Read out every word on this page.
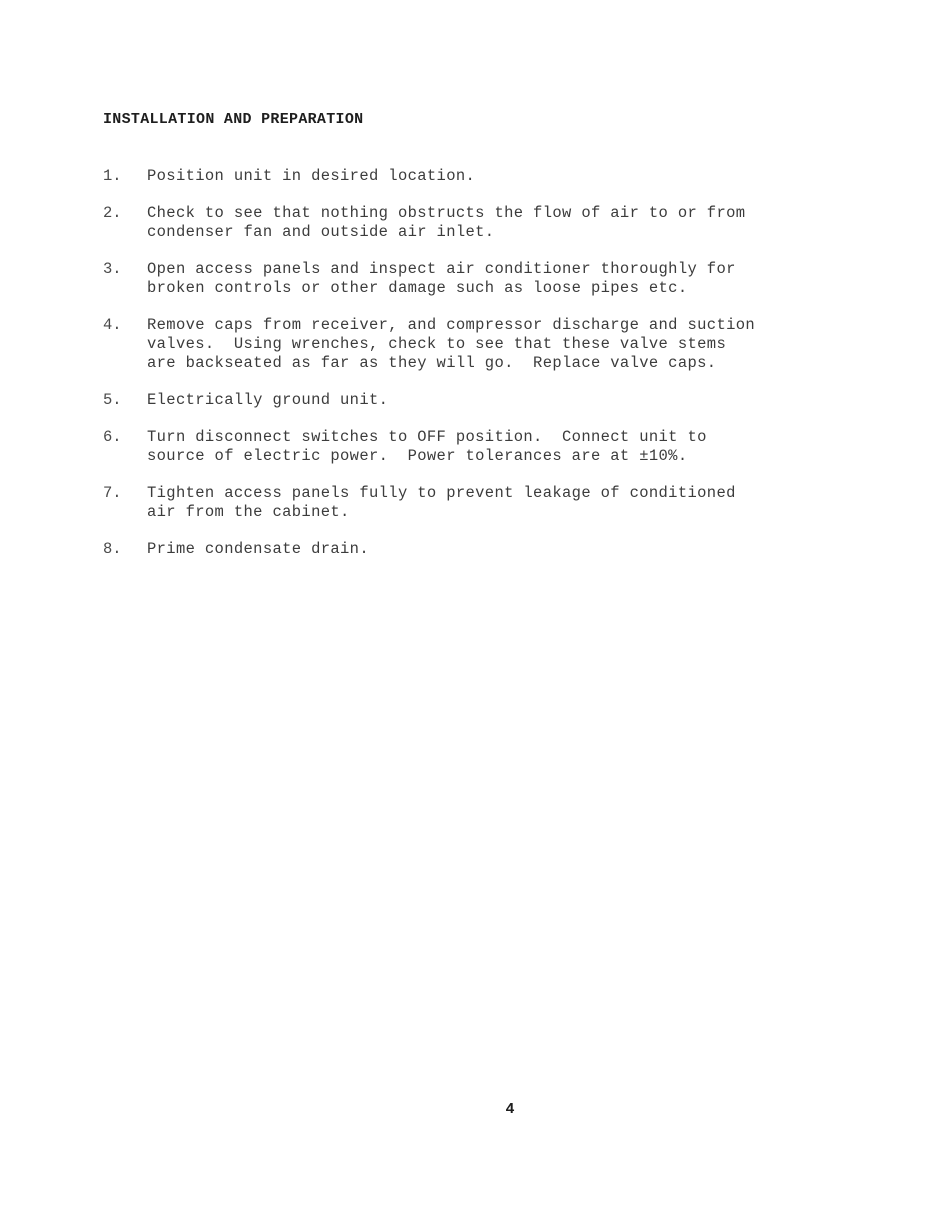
INSTALLATION AND PREPARATION
1.	Position unit in desired location.
2.	Check to see that nothing obstructs the flow of air to or from
condenser fan and outside air inlet.
3.	Open access panels and inspect air conditioner thoroughly for
broken controls or other damage such as loose pipes etc.
4.	Remove caps from receiver, and compressor discharge and suction
valves.  Using wrenches, check to see that these valve stems
are backseated as far as they will go.  Replace valve caps.
5.	Electrically ground unit.
6.	Turn disconnect switches to OFF position.  Connect unit to
source of electric power.  Power tolerances are at ±10%.
7.	Tighten access panels fully to prevent leakage of conditioned
air from the cabinet.
8.	Prime condensate drain.
4
